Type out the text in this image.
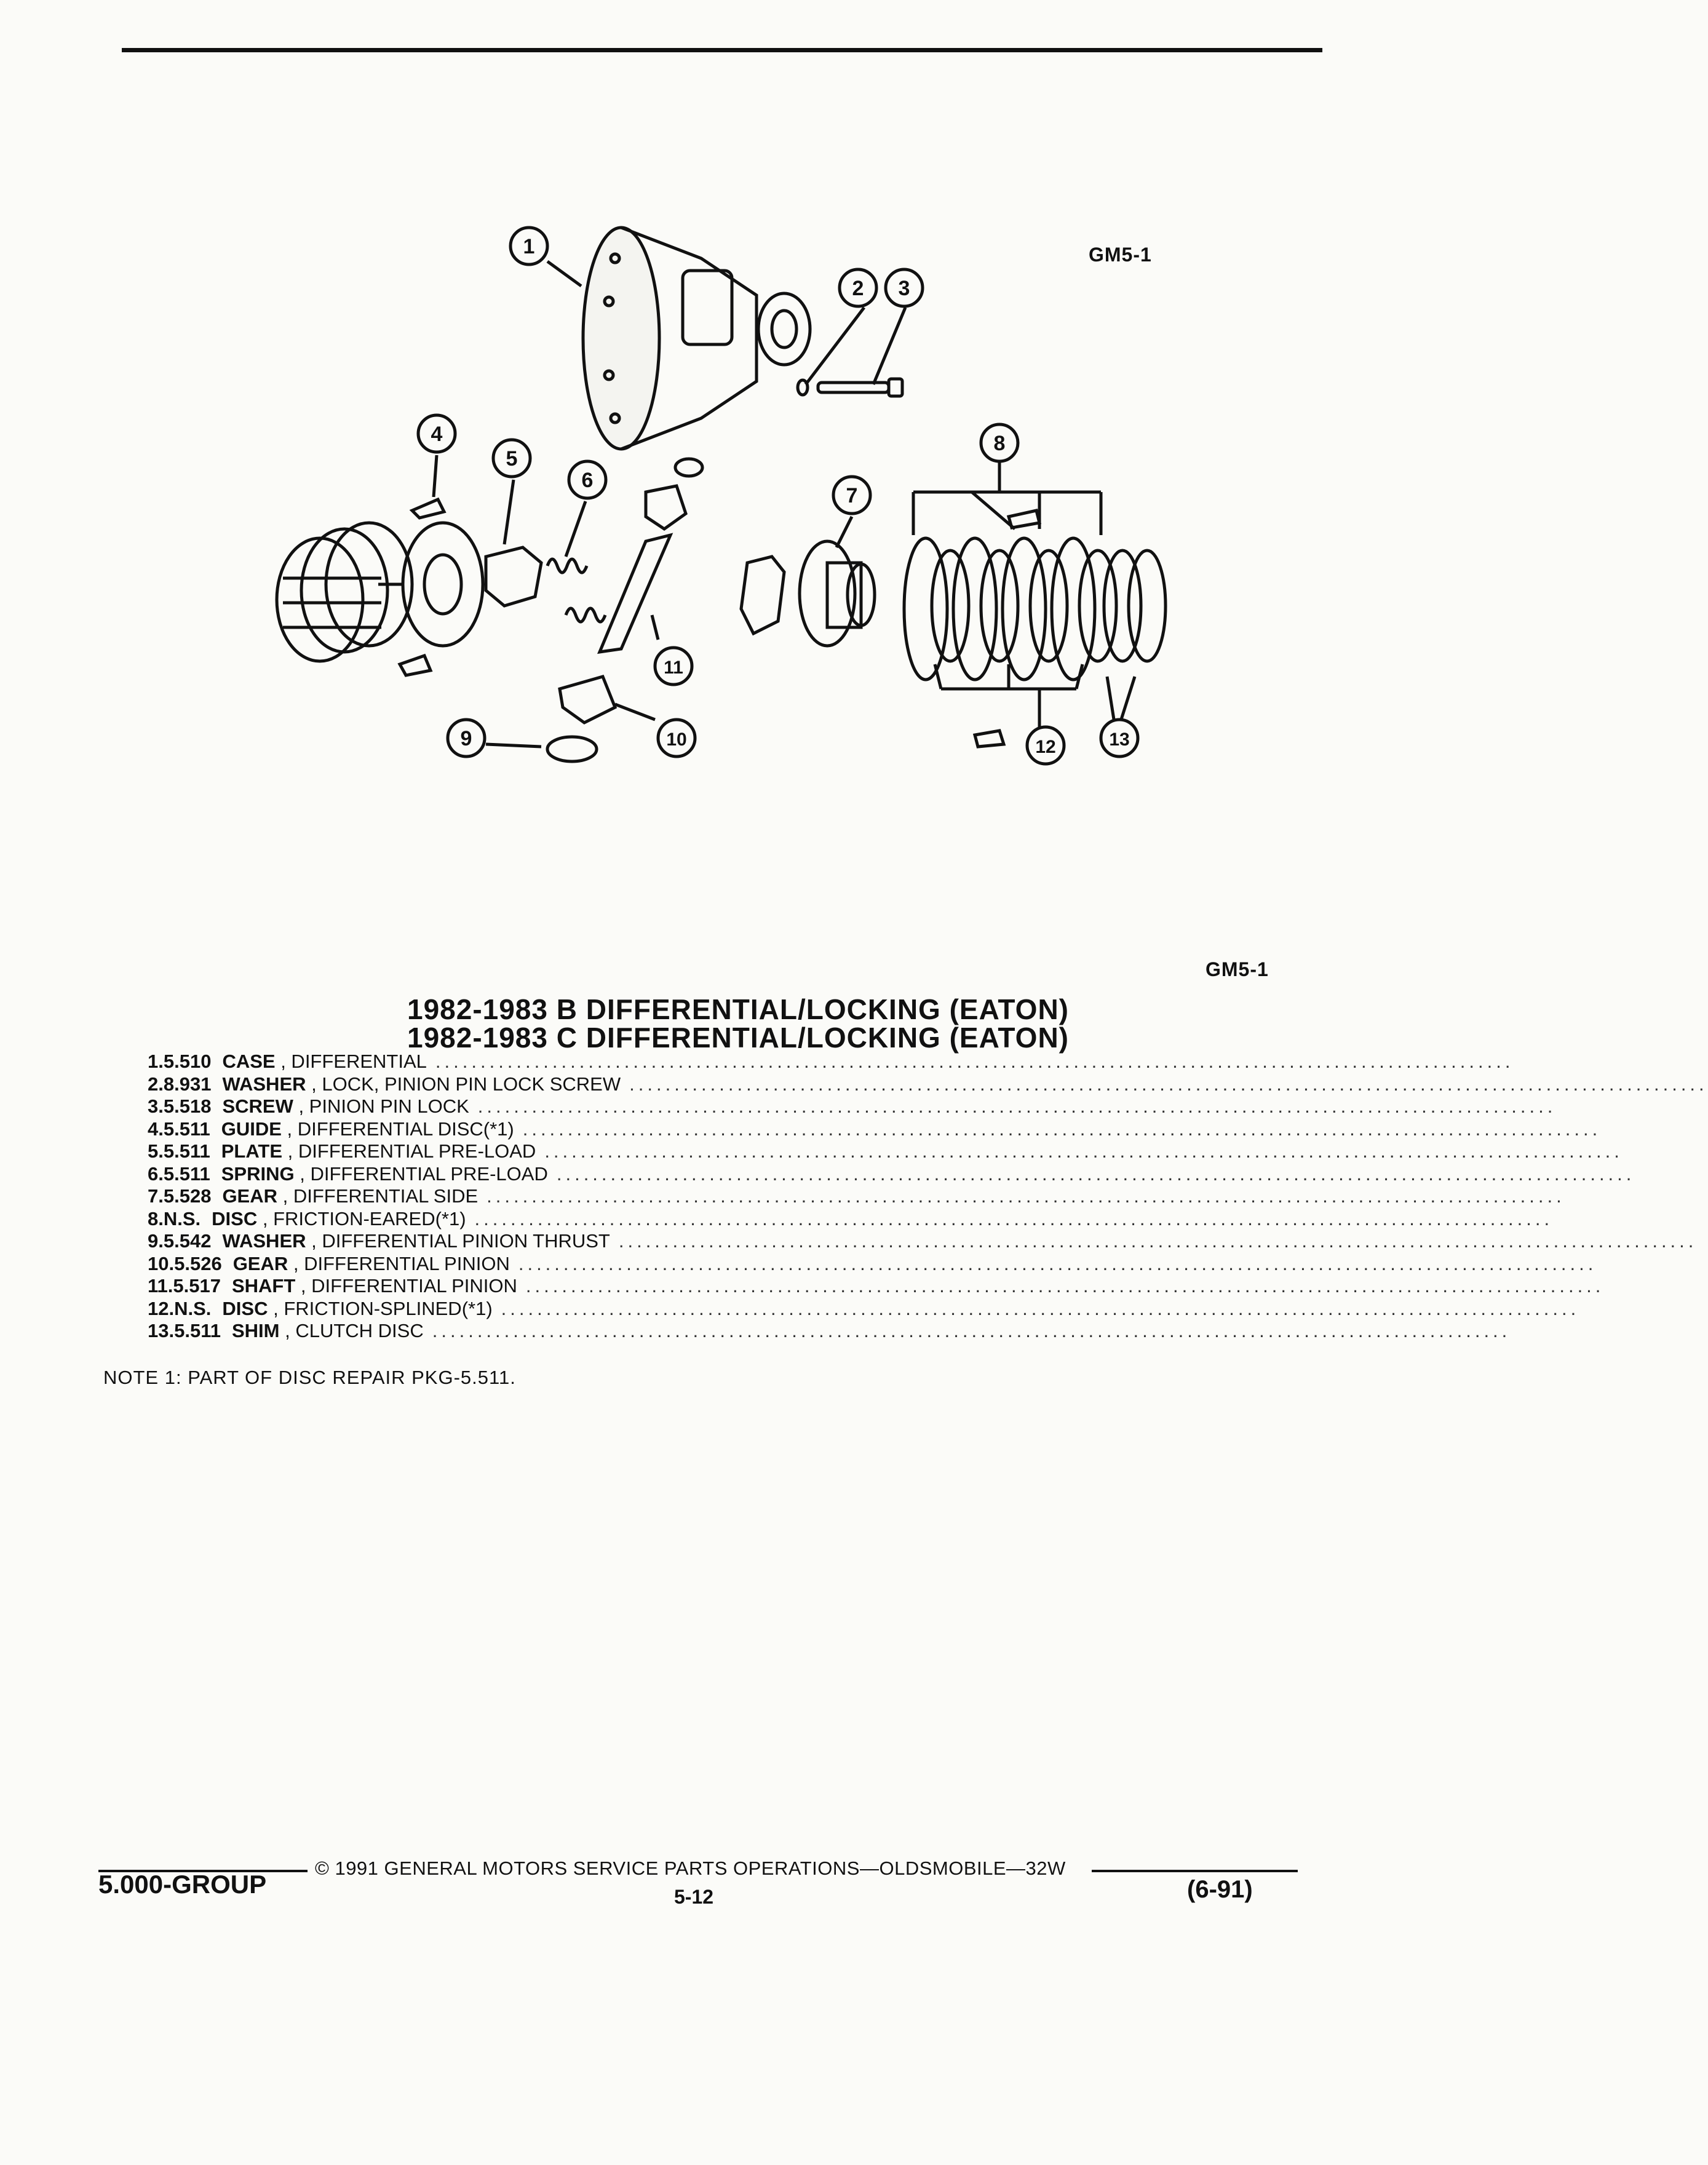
1
2 3
4
5
6
7
8
9	10
11
12	13
GM5-1
GM5-1
1982-1983 B DIFFERENTIAL/LOCKING (EATON)
1982-1983 C DIFFERENTIAL/LOCKING (EATON)
1. 5.510 CASE , DIFFERENTIAL ........................................................................................................................
2. 8.931 WASHER , LOCK, PINION PIN LOCK SCREW ........................................................................................................................
3. 5.518 SCREW , PINION PIN LOCK ........................................................................................................................
4. 5.511 GUIDE , DIFFERENTIAL DISC(*1) ........................................................................................................................
5. 5.511 PLATE , DIFFERENTIAL PRE-LOAD ........................................................................................................................
6. 5.511 SPRING , DIFFERENTIAL PRE-LOAD ........................................................................................................................
7. 5.528 GEAR , DIFFERENTIAL SIDE ........................................................................................................................
8. N.S. DISC , FRICTION-EARED(*1) ........................................................................................................................
9. 5.542 WASHER , DIFFERENTIAL PINION THRUST ........................................................................................................................
10. 5.526 GEAR , DIFFERENTIAL PINION ........................................................................................................................
11. 5.517 SHAFT , DIFFERENTIAL PINION ........................................................................................................................
12. N.S. DISC , FRICTION-SPLINED(*1) ........................................................................................................................
13. 5.511 SHIM , CLUTCH DISC ........................................................................................................................
NOTE 1: PART OF DISC REPAIR PKG-5.511.
5.000-GROUP
© 1991 GENERAL MOTORS SERVICE PARTS OPERATIONS—OLDSMOBILE—32W
5-12	(6-91)
